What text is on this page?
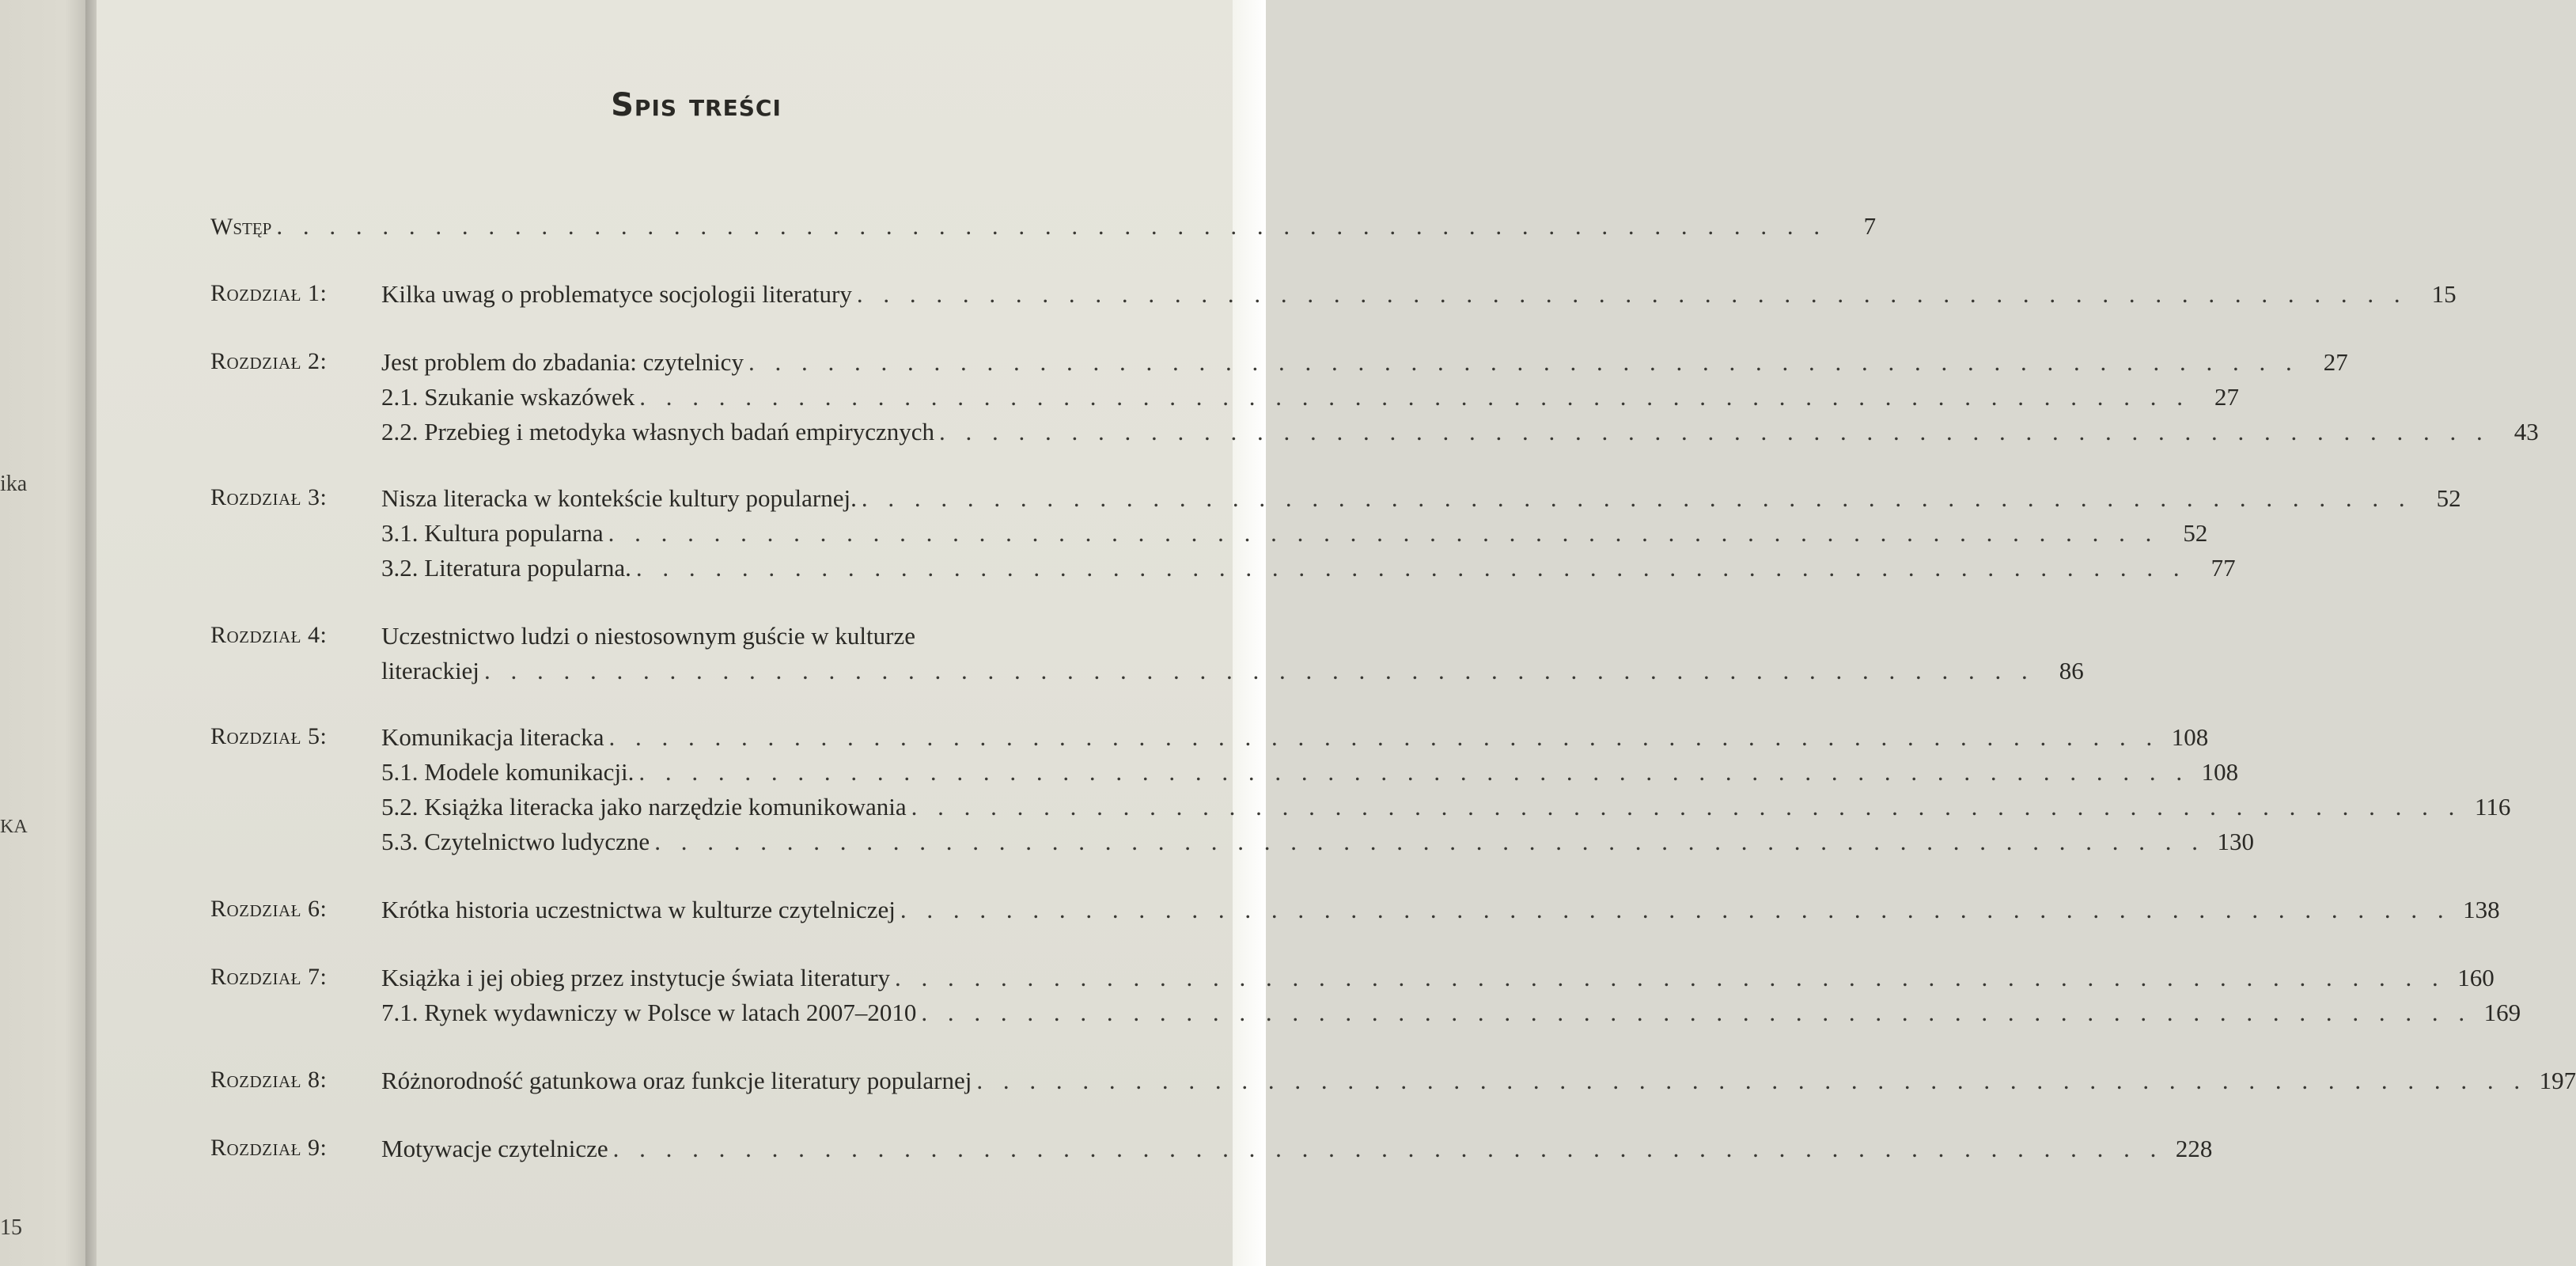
ika
KA
15
Spis treści
Wstęp . . . . . . . . . . . . . . . . . . . . . . . . . . . . . . . . . . . . . . . . . . . . . . . . . . . . . . . . . . .	7
Rozdział 1: Kilka uwag o problematyce socjologii literatury . . . . . . . . . . . . . . . . . . . . . . . . . . . . . . . . . . . . . . . . . . . . . . . . . . . . . . . . . . .	15
Rozdział 2: Jest problem do zbadania: czytelnicy . . . . . . . . . . . . . . . . . . . . . . . . . . . . . . . . . . . . . . . . . . . . . . . . . . . . . . . . . . .	27
2.1. Szukanie wskazówek . . . . . . . . . . . . . . . . . . . . . . . . . . . . . . . . . . . . . . . . . . . . . . . . . . . . . . . . . . .	27
2.2. Przebieg i metodyka własnych badań empirycznych . . . . . . . . . . . . . . . . . . . . . . . . . . . . . . . . . . . . . . . . . . . . . . . . . . . . . . . . . . .	43
Rozdział 3: Nisza literacka w kontekście kultury popularnej. . . . . . . . . . . . . . . . . . . . . . . . . . . . . . . . . . . . . . . . . . . . . . . . . . . . . . . . . . . .	52
3.1. Kultura popularna . . . . . . . . . . . . . . . . . . . . . . . . . . . . . . . . . . . . . . . . . . . . . . . . . . . . . . . . . . .	52
3.2. Literatura popularna. . . . . . . . . . . . . . . . . . . . . . . . . . . . . . . . . . . . . . . . . . . . . . . . . . . . . . . . . . . .	77
Rozdział 4: Uczestnictwo ludzi o niestosownym guście w kulturze
literackiej . . . . . . . . . . . . . . . . . . . . . . . . . . . . . . . . . . . . . . . . . . . . . . . . . . . . . . . . . . .	86
Rozdział 5: Komunikacja literacka . . . . . . . . . . . . . . . . . . . . . . . . . . . . . . . . . . . . . . . . . . . . . . . . . . . . . . . . . . . 108
5.1. Modele komunikacji. . . . . . . . . . . . . . . . . . . . . . . . . . . . . . . . . . . . . . . . . . . . . . . . . . . . . . . . . . . . 108
5.2. Książka literacka jako narzędzie komunikowania . . . . . . . . . . . . . . . . . . . . . . . . . . . . . . . . . . . . . . . . . . . . . . . . . . . . . . . . . . . 116
5.3. Czytelnictwo ludyczne . . . . . . . . . . . . . . . . . . . . . . . . . . . . . . . . . . . . . . . . . . . . . . . . . . . . . . . . . . . 130
Rozdział 6: Krótka historia uczestnictwa w kulturze czytelniczej . . . . . . . . . . . . . . . . . . . . . . . . . . . . . . . . . . . . . . . . . . . . . . . . . . . . . . . . . . . 138
Rozdział 7: Książka i jej obieg przez instytucje świata literatury . . . . . . . . . . . . . . . . . . . . . . . . . . . . . . . . . . . . . . . . . . . . . . . . . . . . . . . . . . . 160
7.1. Rynek wydawniczy w Polsce w latach 2007–2010 . . . . . . . . . . . . . . . . . . . . . . . . . . . . . . . . . . . . . . . . . . . . . . . . . . . . . . . . . . . 169
Rozdział 8: Różnorodność gatunkowa oraz funkcje literatury popularnej . . . . . . . . . . . . . . . . . . . . . . . . . . . . . . . . . . . . . . . . . . . . . . . . . . . . . . . . . . . 197
Rozdział 9: Motywacje czytelnicze . . . . . . . . . . . . . . . . . . . . . . . . . . . . . . . . . . . . . . . . . . . . . . . . . . . . . . . . . . . 228
